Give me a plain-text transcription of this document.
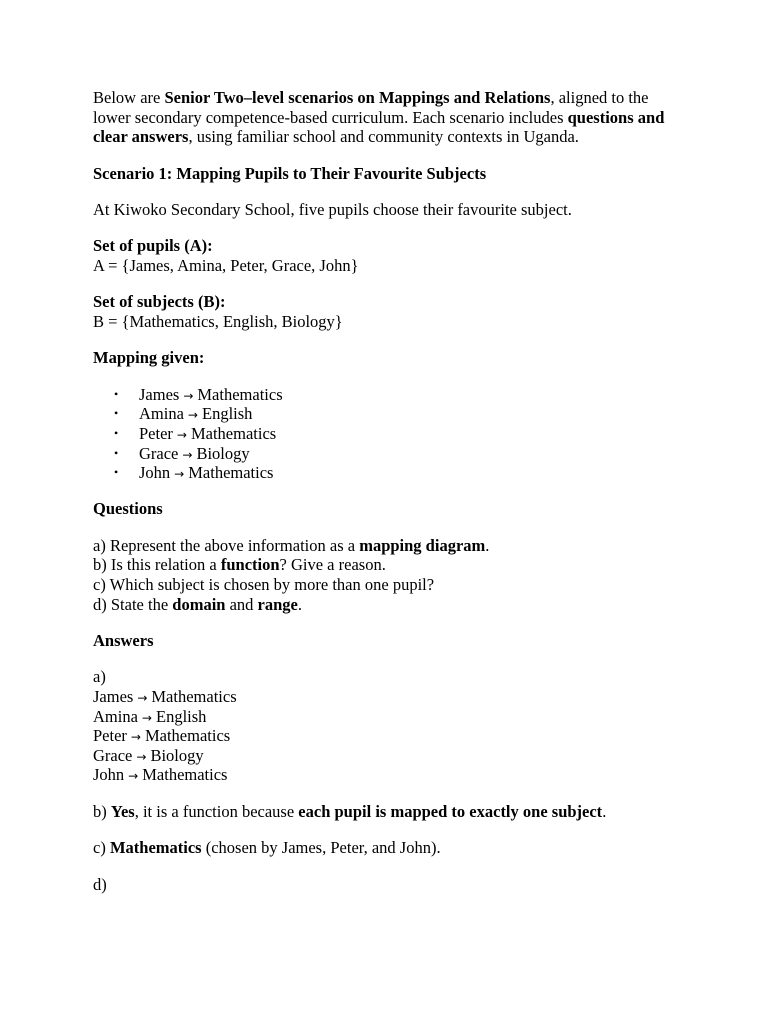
Below are Senior Two–level scenarios on Mappings and Relations, aligned to the lower secondary competence-based curriculum. Each scenario includes questions and clear answers, using familiar school and community contexts in Uganda.

Scenario 1: Mapping Pupils to Their Favourite Subjects

At Kiwoko Secondary School, five pupils choose their favourite subject.

Set of pupils (A):

A = {James, Amina, Peter, Grace, John}

Set of subjects (B):

B = {Mathematics, English, Biology}

Mapping given:

• James → Mathematics
• Amina → English
• Peter → Mathematics
• Grace → Biology
• John → Mathematics

Questions

a) Represent the above information as a mapping diagram.

b) Is this relation a function? Give a reason.

c) Which subject is chosen by more than one pupil?

d) State the domain and range.

Answers

a)

James → Mathematics

Amina → English

Peter → Mathematics

Grace → Biology

John → Mathematics

b) Yes, it is a function because each pupil is mapped to exactly one subject.

c) Mathematics (chosen by James, Peter, and John).

d)
